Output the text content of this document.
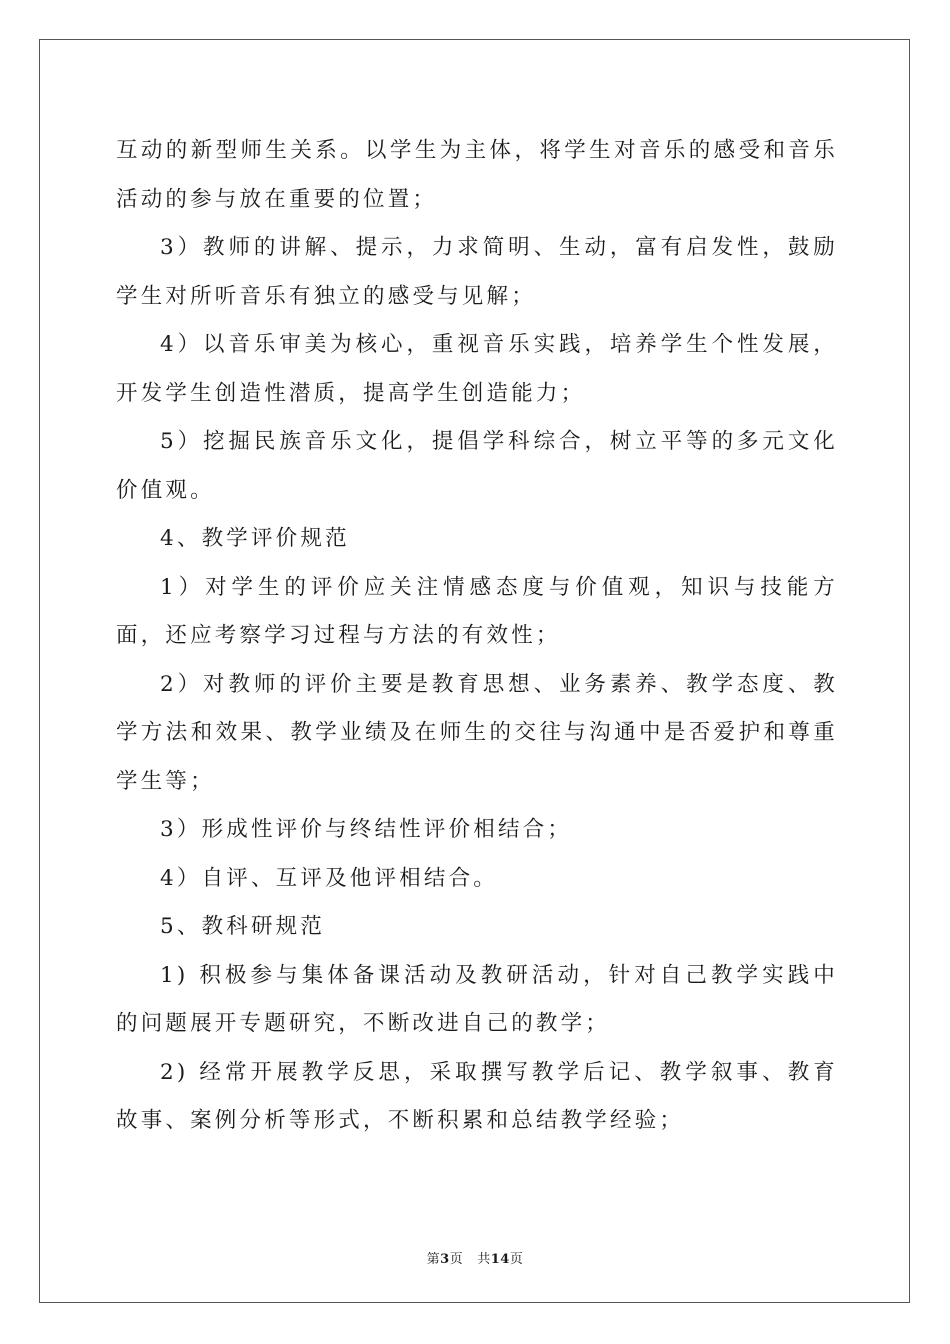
互动的新型师生关系。以学生为主体，将学生对音乐的感受和音乐活动的参与放在重要的位置；

3）教师的讲解、提示，力求简明、生动，富有启发性，鼓励学生对所听音乐有独立的感受与见解；

4）以音乐审美为核心，重视音乐实践，培养学生个性发展，开发学生创造性潜质，提高学生创造能力；

5）挖掘民族音乐文化，提倡学科综合，树立平等的多元文化价值观。

4、教学评价规范

1）对学生的评价应关注情感态度与价值观，知识与技能方面，还应考察学习过程与方法的有效性；

2）对教师的评价主要是教育思想、业务素养、教学态度、教学方法和效果、教学业绩及在师生的交往与沟通中是否爱护和尊重学生等；

3）形成性评价与终结性评价相结合；

4）自评、互评及他评相结合。

5、教科研规范

1) 积极参与集体备课活动及教研活动，针对自己教学实践中的问题展开专题研究，不断改进自己的教学；

2) 经常开展教学反思，采取撰写教学后记、教学叙事、教育故事、案例分析等形式，不断积累和总结教学经验；

第3页 共14页
